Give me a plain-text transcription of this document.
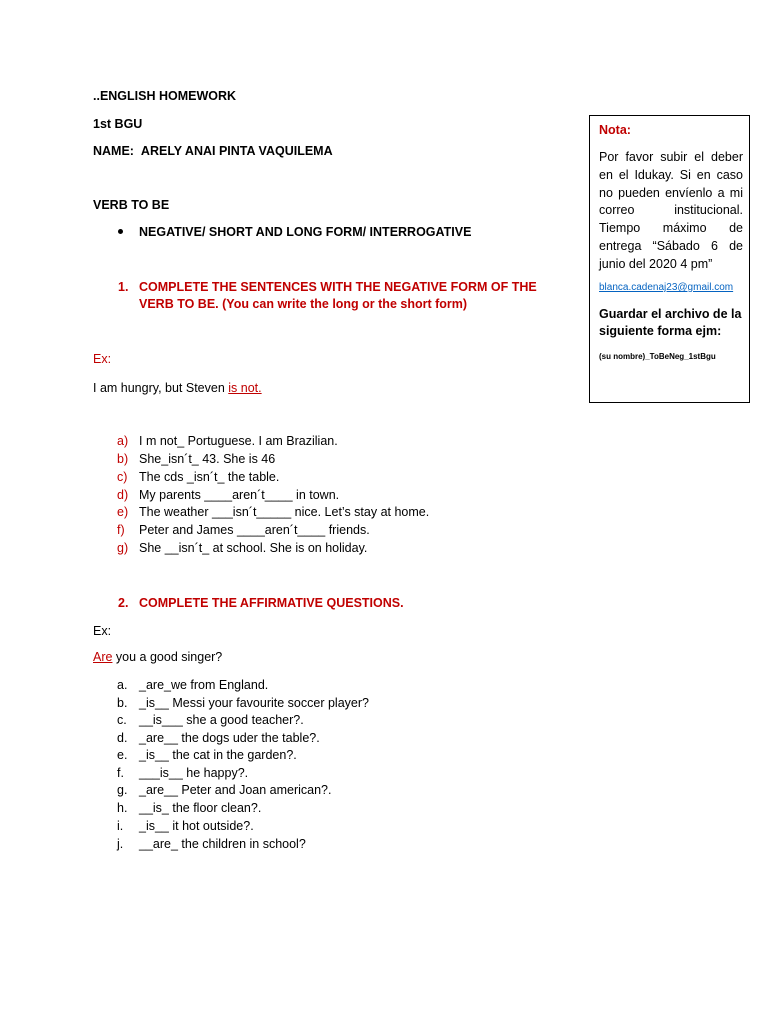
..ENGLISH HOMEWORK
1st BGU
NAME: ARELY ANAI PINTA VAQUILEMA
VERB TO BE
NEGATIVE/ SHORT AND LONG FORM/ INTERROGATIVE
1. COMPLETE THE SENTENCES WITH THE NEGATIVE FORM OF THE VERB TO BE. (You can write the long or the short form)
Ex:
I am hungry, but Steven is not.
a) I m not_ Portuguese. I am Brazilian.
b) She_isn´t_ 43. She is 46
c) The cds _isn´t_ the table.
d) My parents ____aren´t____ in town.
e) The weather ___isn´t_____ nice. Let’s stay at home.
f) Peter and James ____aren´t____ friends.
g) She __isn´t_ at school. She is on holiday.
2. COMPLETE THE AFFIRMATIVE QUESTIONS.
Ex:
Are you a good singer?
a. _are_we from England.
b. _is__ Messi your favourite soccer player?
c. __is___ she a good teacher?.
d. _are__ the dogs uder the table?.
e. _is__ the cat in the garden?.
f. ___is__ he happy?.
g. _are__ Peter and Joan american?.
h. __is_ the floor clean?.
i. _is__ it hot outside?.
j. __are_ the children in school?
Nota:
Por favor subir el deber en el Idukay. Si en caso no pueden envíenlo a mi correo institucional. Tiempo máximo de entrega “Sábado 6 de junio del 2020 4 pm”
blanca.cadenaj23@gmail.com
Guardar el archivo de la siguiente forma ejm:
(su nombre)_ToBeNeg_1stBgu
